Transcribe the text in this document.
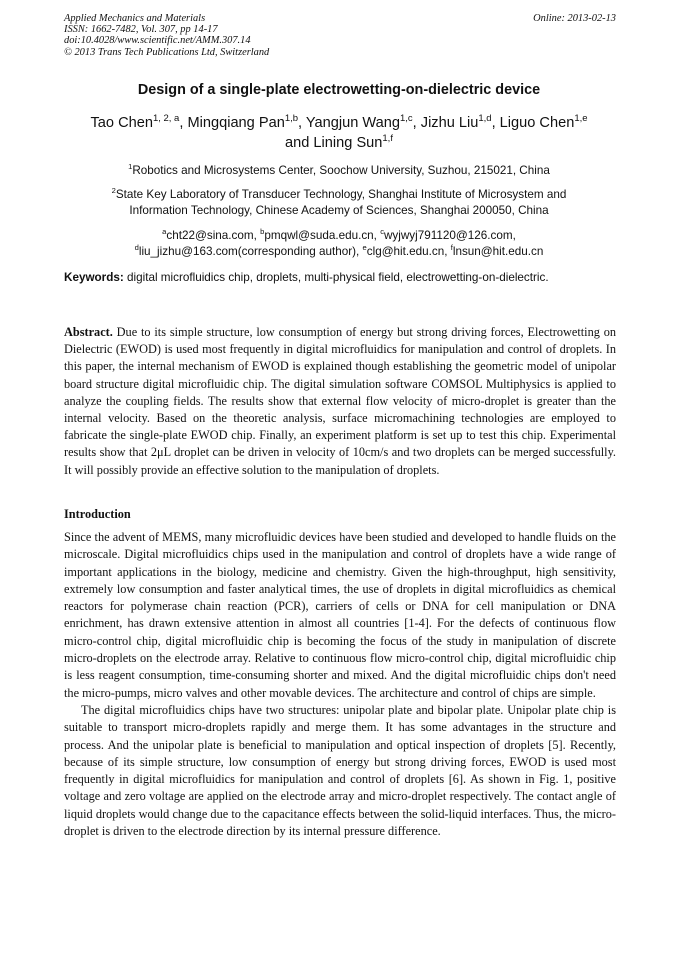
Applied Mechanics and Materials
ISSN: 1662-7482, Vol. 307, pp 14-17
doi:10.4028/www.scientific.net/AMM.307.14
© 2013 Trans Tech Publications Ltd, Switzerland
Online: 2013-02-13
Design of a single-plate electrowetting-on-dielectric device
Tao Chen$^{1, 2, a}$, Mingqiang Pan$^{1,b}$, Yangjun Wang$^{1,c}$, Jizhu Liu$^{1,d}$, Liguo Chen$^{1,e}$
and Lining Sun$^{1,f}$

$^1$Robotics and Microsystems Center, Soochow University, Suzhou, 215021, China

$^2$State Key Laboratory of Transducer Technology, Shanghai Institute of Microsystem and
Information Technology, Chinese Academy of Sciences, Shanghai 200050, China

$^a$cht22@sina.com, $^b$pmqwl@suda.edu.cn, $^c$wyjwyj791120@126.com,
$^d$liu_jizhu@163.com(corresponding author), $^e$clg@hit.edu.cn, $^f$lnsun@hit.edu.cn

Keywords: digital microfluidics chip, droplets, multi-physical field, electrowetting-on-dielectric.

Abstract. Due to its simple structure, low consumption of energy but strong driving forces, Electrowetting on Dielectric (EWOD) is used most frequently in digital microfluidics for manipulation and control of droplets. In this paper, the internal mechanism of EWOD is explained though establishing the geometric model of unipolar board structure digital microfluidic chip. The digital simulation software COMSOL Multiphysics is applied to analyze the coupling fields. The results show that external flow velocity of micro-droplet is greater than the internal velocity. Based on the theoretic analysis, surface micromachining technologies are employed to fabricate the single-plate EWOD chip. Finally, an experiment platform is set up to test this chip. Experimental results show that 2μL droplet can be driven in velocity of 10cm/s and two droplets can be merged successfully. It will possibly provide an effective solution to the manipulation of droplets.

Introduction

Since the advent of MEMS, many microfluidic devices have been studied and developed to handle fluids on the microscale. Digital microfluidics chips used in the manipulation and control of droplets have a wide range of important applications in the biology, medicine and chemistry. Given the high-throughput, high sensitivity, extremely low consumption and faster analytical times, the use of droplets in digital microfluidics as chemical reactors for polymerase chain reaction (PCR), carriers of cells or DNA for cell manipulation or DNA enrichment, has drawn extensive attention in almost all countries [1-4]. For the defects of continuous flow micro-control chip, digital microfluidic chip is becoming the focus of the study in manipulation of discrete micro-droplets on the electrode array. Relative to continuous flow micro-control chip, digital microfluidic chip is less reagent consumption, time-consuming shorter and mixed. And the digital microfluidic chips don't need the micro-pumps, micro valves and other movable devices. The architecture and control of chips are simple.

The digital microfluidics chips have two structures: unipolar plate and bipolar plate. Unipolar plate chip is suitable to transport micro-droplets rapidly and merge them. It has some advantages in the structure and process. And the unipolar plate is beneficial to manipulation and optical inspection of droplets [5]. Recently, because of its simple structure, low consumption of energy but strong driving forces, EWOD is used most frequently in digital microfluidics for manipulation and control of droplets [6]. As shown in Fig. 1, positive voltage and zero voltage are applied on the electrode array and micro-droplet respectively. The contact angle of liquid droplets would change due to the capacitance effects between the solid-liquid interfaces. Thus, the micro-droplet is driven to the electrode direction by its internal pressure difference.
